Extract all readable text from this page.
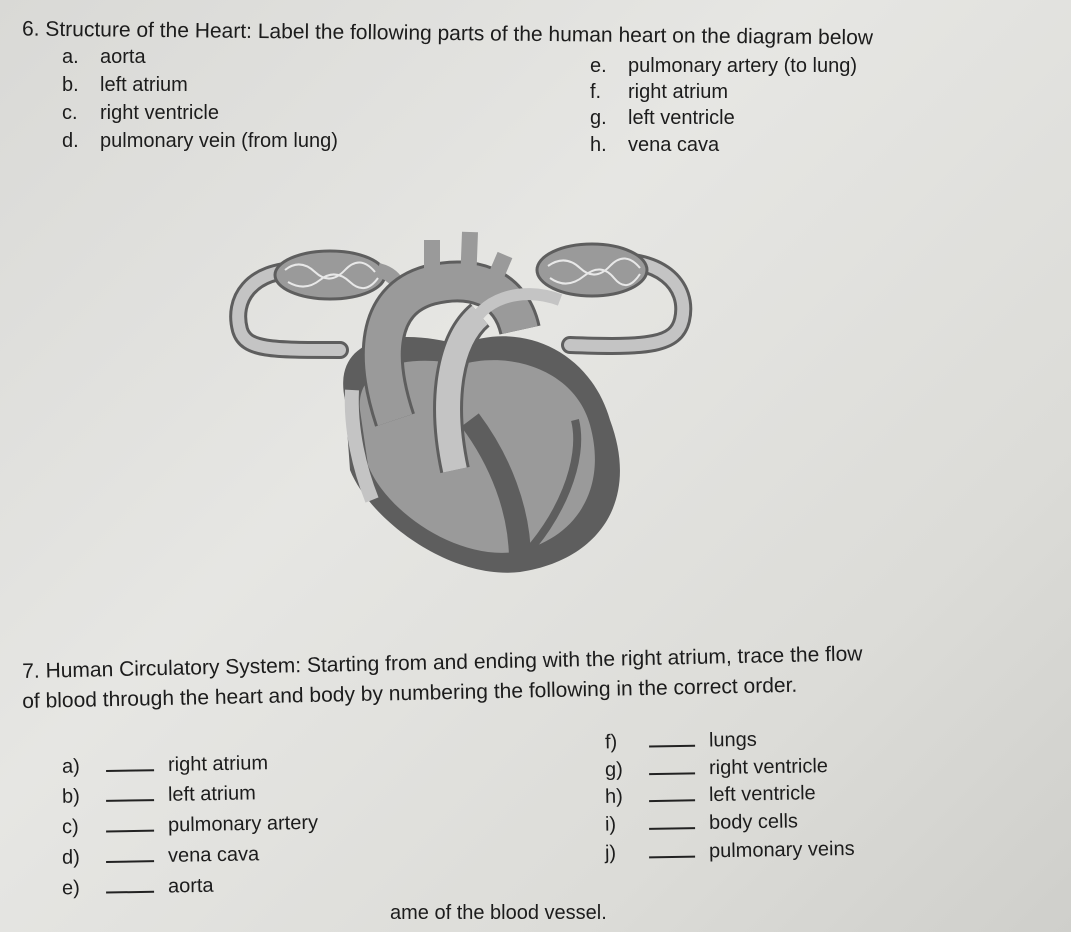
6. Structure of the Heart: Label the following parts of the human heart on the diagram below
a. aorta
b. left atrium
c. right ventricle
d. pulmonary vein (from lung)
e. pulmonary artery (to lung)
f. right atrium
g. left ventricle
h. vena cava
7. Human Circulatory System: Starting from and ending with the right atrium, trace the flow
of blood through the heart and body by numbering the following in the correct order.
a)	right atrium
b)	left atrium
c)	pulmonary artery
d)	vena cava
e)	aorta
f)	lungs
g)	right ventricle
h)	left ventricle
i)	body cells
j)	pulmonary veins
ame of the blood vessel.
